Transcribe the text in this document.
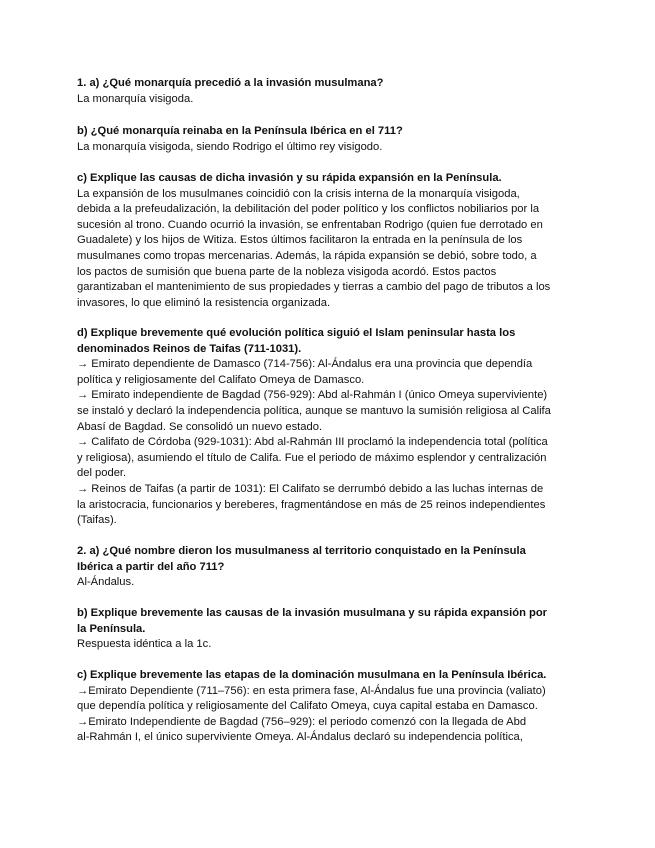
1. a) ¿Qué monarquía precedió a la invasión musulmana?

La monarquía visigoda.

b) ¿Qué monarquía reinaba en la Península Ibérica en el 711?

La monarquía visigoda, siendo Rodrigo el último rey visigodo.

c) Explique las causas de dicha invasión y su rápida expansión en la Península.

La expansión de los musulmanes coincidió con la crisis interna de la monarquía visigoda,
debida a la prefeudalización, la debilitación del poder político y los conflictos nobiliarios por la
sucesión al trono. Cuando ocurrió la invasión, se enfrentaban Rodrigo (quien fue derrotado en
Guadalete) y los hijos de Witiza. Estos últimos facilitaron la entrada en la península de los
musulmanes como tropas mercenarias. Además, la rápida expansión se debió, sobre todo, a
los pactos de sumisión que buena parte de la nobleza visigoda acordó. Estos pactos
garantizaban el mantenimiento de sus propiedades y tierras a cambio del pago de tributos a los
invasores, lo que eliminó la resistencia organizada.

d) Explique brevemente qué evolución política siguió el Islam peninsular hasta los
denominados Reinos de Taifas (711-1031).

→ Emirato dependiente de Damasco (714-756): Al-Ándalus era una provincia que dependía
política y religiosamente del Califato Omeya de Damasco.
→ Emirato independiente de Bagdad (756-929): Abd al-Rahmán I (único Omeya superviviente)
se instaló y declaró la independencia política, aunque se mantuvo la sumisión religiosa al Califa
Abasí de Bagdad. Se consolidó un nuevo estado.
→ Califato de Córdoba (929-1031): Abd al-Rahmán III proclamó la independencia total (política
y religiosa), asumiendo el título de Califa. Fue el periodo de máximo esplendor y centralización
del poder.
→ Reinos de Taifas (a partir de 1031): El Califato se derrumbó debido a las luchas internas de
la aristocracia, funcionarios y bereberes, fragmentándose en más de 25 reinos independientes
(Taifas).

2. a) ¿Qué nombre dieron los musulmaness al territorio conquistado en la Península
Ibérica a partir del año 711?

Al-Ándalus.

b) Explique brevemente las causas de la invasión musulmana y su rápida expansión por
la Península.

Respuesta idéntica a la 1c.

c) Explique brevemente las etapas de la dominación musulmana en la Península Ibérica.

→Emirato Dependiente (711–756): en esta primera fase, Al-Ándalus fue una provincia (valiato)
que dependía política y religiosamente del Califato Omeya, cuya capital estaba en Damasco.
→Emirato Independiente de Bagdad (756–929): el periodo comenzó con la llegada de Abd
al-Rahmán I, el único superviviente Omeya. Al-Ándalus declaró su independencia política,
